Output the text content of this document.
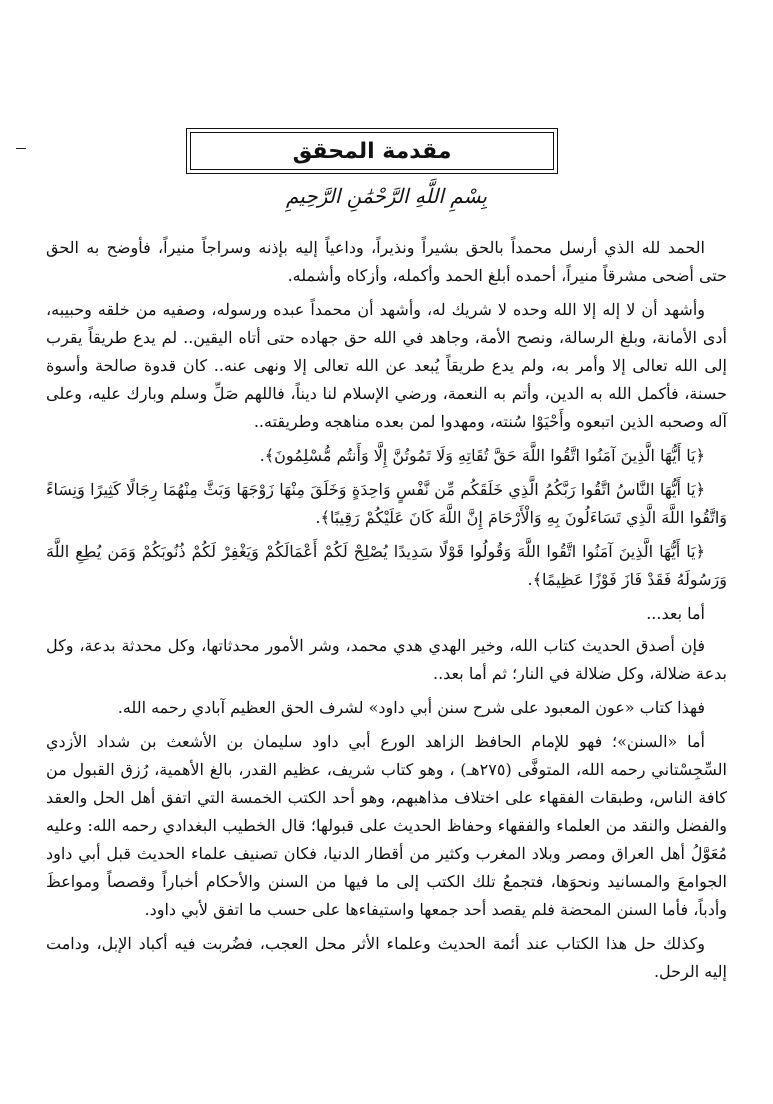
مقدمة المحقق
بِسْمِ اللَّهِ الرَّحْمَٰنِ الرَّحِيمِ

الحمد لله الذي أرسل محمداً بالحق بشيراً ونذيراً، وداعياً إليه بإذنه وسراجاً منيراً، فأوضح به الحق حتى أضحى مشرقاً منيراً، أحمده أبلغ الحمد وأكمله، وأزكاه وأشمله.

وأشهد أن لا إله إلا الله وحده لا شريك له، وأشهد أن محمداً عبده ورسوله، وصفيه من خلقه وحبيبه، أدى الأمانة، وبلغ الرسالة، ونصح الأمة، وجاهد في الله حق جهاده حتى أتاه اليقين.. لم يدع طريقاً يقرب إلى الله تعالى إلا وأمر به، ولم يدع طريقاً يُبعد عن الله تعالى إلا ونهى عنه.. كان قدوة صالحة وأسوة حسنة، فأكمل الله به الدين، وأتم به النعمة، ورضي الإسلام لنا ديناً، فاللهم صَلِّ وسلم وبارك عليه، وعلى آله وصحبه الذين اتبعوه وأَحْيَوْا سُنته، ومهدوا لمن بعده مناهجه وطريقته..

﴿يَا أَيُّهَا الَّذِينَ آمَنُوا اتَّقُوا اللَّهَ حَقَّ تُقَاتِهِ وَلَا تَمُوتُنَّ إِلَّا وَأَنتُم مُّسْلِمُونَ﴾.

﴿يَا أَيُّهَا النَّاسُ اتَّقُوا رَبَّكُمُ الَّذِي خَلَقَكُم مِّن نَّفْسٍ وَاحِدَةٍ وَخَلَقَ مِنْهَا زَوْجَهَا وَبَثَّ مِنْهُمَا رِجَالًا كَثِيرًا وَنِسَاءً وَاتَّقُوا اللَّهَ الَّذِي تَسَاءَلُونَ بِهِ وَالْأَرْحَامَ إِنَّ اللَّهَ كَانَ عَلَيْكُمْ رَقِيبًا﴾.

﴿يَا أَيُّهَا الَّذِينَ آمَنُوا اتَّقُوا اللَّهَ وَقُولُوا قَوْلًا سَدِيدًا يُصْلِحْ لَكُمْ أَعْمَالَكُمْ وَيَغْفِرْ لَكُمْ ذُنُوبَكُمْ وَمَن يُطِعِ اللَّهَ وَرَسُولَهُ فَقَدْ فَازَ فَوْزًا عَظِيمًا﴾.

أما بعد...

فإن أصدق الحديث كتاب الله، وخير الهدي هدي محمد، وشر الأمور محدثاتها، وكل محدثة بدعة، وكل بدعة ضلالة، وكل ضلالة في النار؛ ثم أما بعد..

فهذا كتاب «عون المعبود على شرح سنن أبي داود» لشرف الحق العظيم آبادي رحمه الله.

أما «السنن»؛ فهو للإمام الحافظ الزاهد الورع أبي داود سليمان بن الأشعث بن شداد الأزدي السِّجِسْتاني رحمه الله، المتوفَّى (٢٧٥هـ) ، وهو كتاب شريف، عظيم القدر، بالغ الأهمية، رُزق القبول من كافة الناس، وطبقات الفقهاء على اختلاف مذاهبهم، وهو أحد الكتب الخمسة التي اتفق أهل الحل والعقد والفضل والنقد من العلماء والفقهاء وحفاظ الحديث على قبولها؛ قال الخطيب البغدادي رحمه الله: وعليه مُعَوَّلُ أهل العراق ومصر وبلاد المغرب وكثير من أقطار الدنيا، فكان تصنيف علماء الحديث قبل أبي داود الجوامعَ والمسانيد ونحوَها، فتجمعُ تلك الكتب إلى ما فيها من السنن والأحكام أخباراً وقصصاً ومواعظَ وأدباً، فأما السنن المحضة فلم يقصد أحد جمعها واستيفاءها على حسب ما اتفق لأبي داود.

وكذلك حل هذا الكتاب عند أئمة الحديث وعلماء الأثر محل العجب، فضُربت فيه أكباد الإبل، ودامت إليه الرحل.
